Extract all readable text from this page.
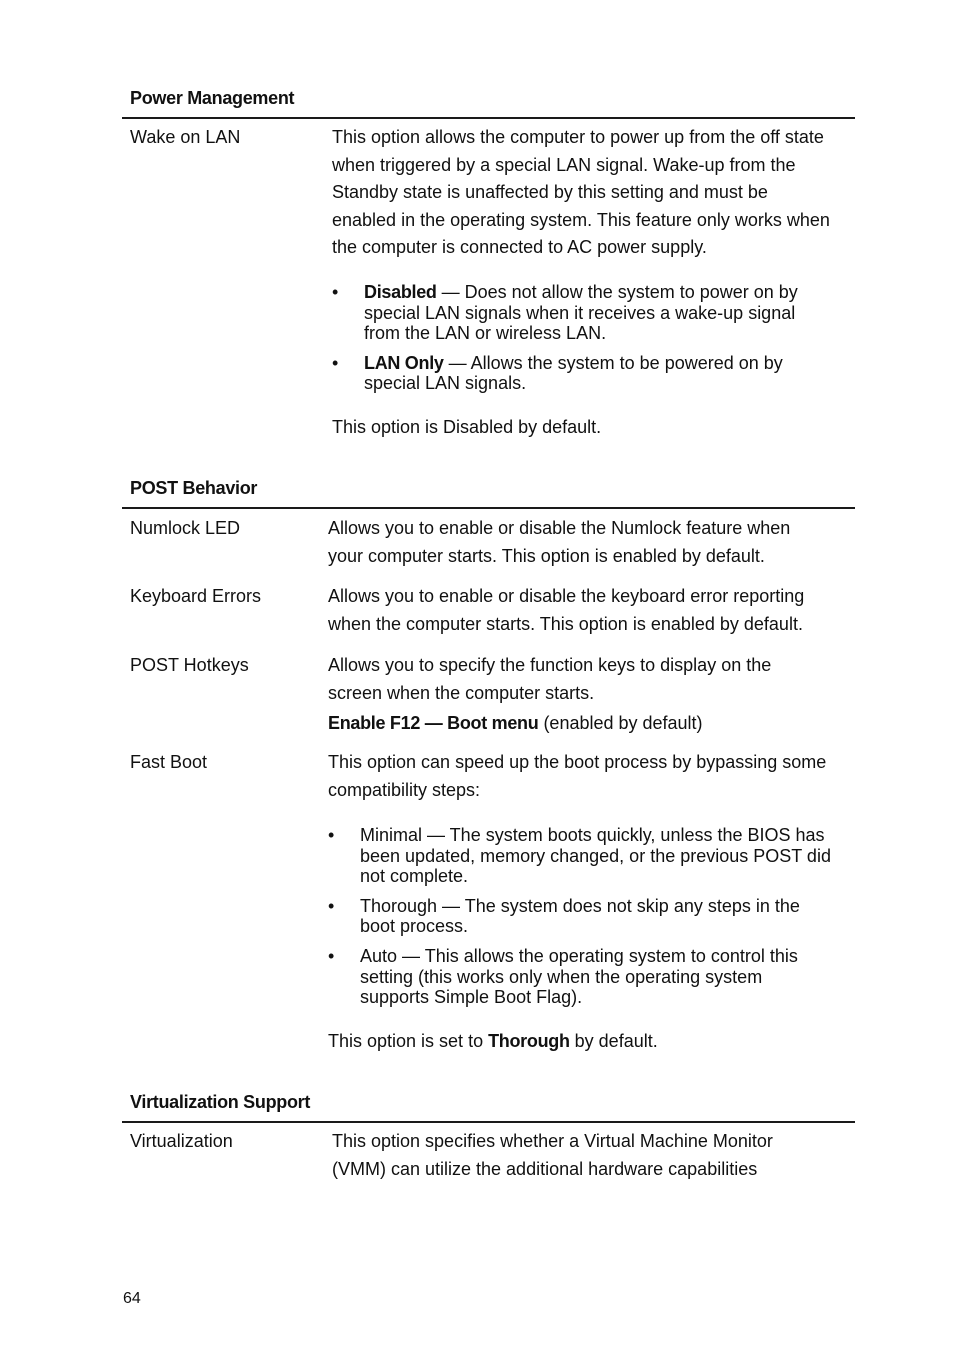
Power Management
Wake on LAN	This option allows the computer to power up from the off state
when triggered by a special LAN signal. Wake-up from the
Standby state is unaffected by this setting and must be
enabled in the operating system. This feature only works when
the computer is connected to AC power supply.
• Disabled — Does not allow the system to power on by
special LAN signals when it receives a wake-up signal
from the LAN or wireless LAN.
• LAN Only — Allows the system to be powered on by
special LAN signals.
This option is Disabled by default.
POST Behavior
Numlock LED	Allows you to enable or disable the Numlock feature when
your computer starts. This option is enabled by default.
Keyboard Errors	Allows you to enable or disable the keyboard error reporting
when the computer starts. This option is enabled by default.
POST Hotkeys	Allows you to specify the function keys to display on the
screen when the computer starts.
Enable F12 — Boot menu (enabled by default)
Fast Boot	This option can speed up the boot process by bypassing some
compatibility steps:
• Minimal — The system boots quickly, unless the BIOS has
been updated, memory changed, or the previous POST did
not complete.
• Thorough — The system does not skip any steps in the
boot process.
• Auto — This allows the operating system to control this
setting (this works only when the operating system
supports Simple Boot Flag).
This option is set to Thorough by default.
Virtualization Support
Virtualization	This option specifies whether a Virtual Machine Monitor
(VMM) can utilize the additional hardware capabilities
64
